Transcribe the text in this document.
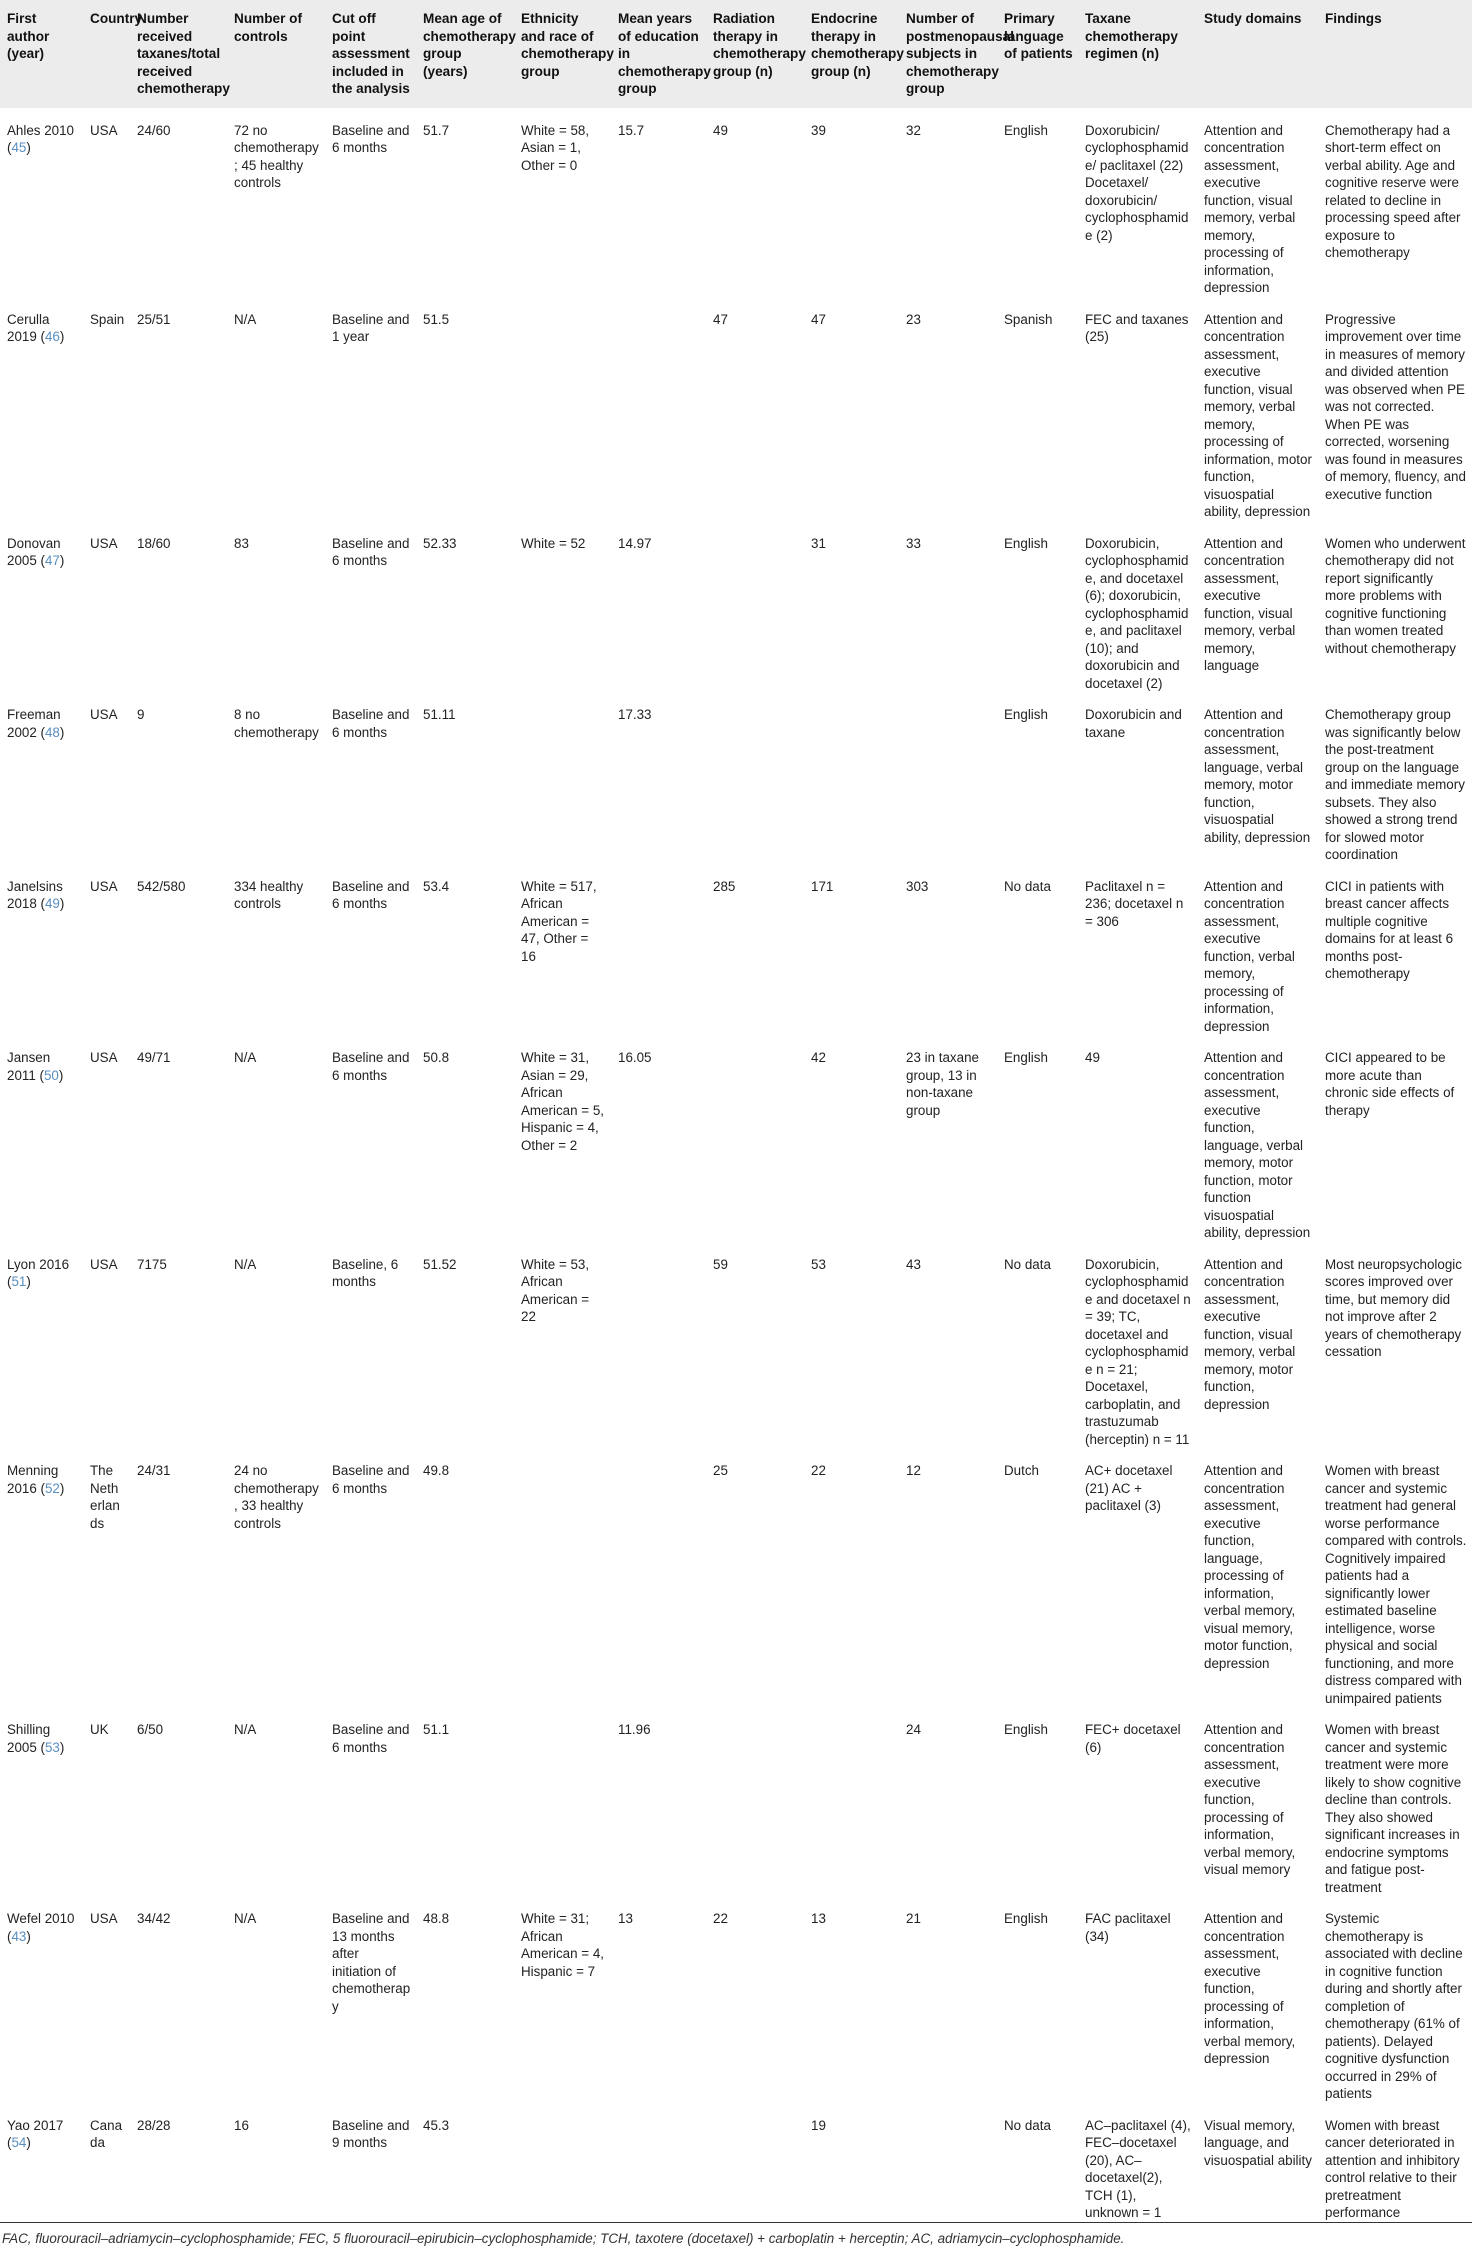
First author (year)	Country	Number received taxanes/total received chemotherapy	Number of controls	Cut off point assessment included in the analysis	Mean age of chemotherapy group (years)	Ethnicity and race of chemotherapy group	Mean years of education in chemotherapy group	Radiation therapy in chemotherapy group (n)	Endocrine therapy in chemotherapy group (n)	Number of postmenopausal subjects in chemotherapy group	Primary language of patients	Taxane chemotherapy regimen (n)	Study domains	Findings
Ahles 2010 (45)	USA	24/60	72 no chemotherapy; 45 healthy controls	Baseline and 6 months	51.7	White = 58, Asian = 1, Other = 0	15.7	49	39	32	English	Doxorubicin/ cyclophosphamide/ paclitaxel (22) Docetaxel/ doxorubicin/ cyclophosphamide (2)	Attention and concentration assessment, executive function, visual memory, verbal memory, processing of information, depression	Chemotherapy had a short-term effect on verbal ability. Age and cognitive reserve were related to decline in processing speed after exposure to chemotherapy
Cerulla 2019 (46)	Spain	25/51	N/A	Baseline and 1 year	51.5			47	47	23	Spanish	FEC and taxanes (25)	Attention and concentration assessment, executive function, visual memory, verbal memory, processing of information, motor function, visuospatial ability, depression	Progressive improvement over time in measures of memory and divided attention was observed when PE was not corrected. When PE was corrected, worsening was found in measures of memory, fluency, and executive function
Donovan 2005 (47)	USA	18/60	83	Baseline and 6 months	52.33	White = 52	14.97		31	33	English	Doxorubicin, cyclophosphamide, and docetaxel (6); doxorubicin, cyclophosphamide, and paclitaxel (10); and doxorubicin and docetaxel (2)	Attention and concentration assessment, executive function, visual memory, verbal memory, language	Women who underwent chemotherapy did not report significantly more problems with cognitive functioning than women treated without chemotherapy
Freeman 2002 (48)	USA	9	8 no chemotherapy	Baseline and 6 months	51.11		17.33				English	Doxorubicin and taxane	Attention and concentration assessment, language, verbal memory, motor function, visuospatial ability, depression	Chemotherapy group was significantly below the post-treatment group on the language and immediate memory subsets. They also showed a strong trend for slowed motor coordination
Janelsins 2018 (49)	USA	542/580	334 healthy controls	Baseline and 6 months	53.4	White = 517, African American = 47, Other = 16		285	171	303	No data	Paclitaxel n = 236; docetaxel n = 306	Attention and concentration assessment, executive function, verbal memory, processing of information, depression	CICI in patients with breast cancer affects multiple cognitive domains for at least 6 months post-chemotherapy
Jansen 2011 (50)	USA	49/71	N/A	Baseline and 6 months	50.8	White = 31, Asian = 29, African American = 5, Hispanic = 4, Other = 2	16.05		42	23 in taxane group, 13 in non-taxane group	English	49	Attention and concentration assessment, executive function, language, verbal memory, motor function, motor function visuospatial ability, depression	CICI appeared to be more acute than chronic side effects of therapy
Lyon 2016 (51)	USA	7175	N/A	Baseline, 6 months	51.52	White = 53, African American = 22		59	53	43	No data	Doxorubicin, cyclophosphamide and docetaxel n = 39; TC, docetaxel and cyclophosphamide n = 21; Docetaxel, carboplatin, and trastuzumab (herceptin) n = 11	Attention and concentration assessment, executive function, visual memory, verbal memory, motor function, depression	Most neuropsychologic scores improved over time, but memory did not improve after 2 years of chemotherapy cessation
Menning 2016 (52)	The Netherlands	24/31	24 no chemotherapy, 33 healthy controls	Baseline and 6 months	49.8			25	22	12	Dutch	AC+ docetaxel (21) AC + paclitaxel (3)	Attention and concentration assessment, executive function, language, processing of information, verbal memory, visual memory, motor function, depression	Women with breast cancer and systemic treatment had general worse performance compared with controls. Cognitively impaired patients had a significantly lower estimated baseline intelligence, worse physical and social functioning, and more distress compared with unimpaired patients
Shilling 2005 (53)	UK	6/50	N/A	Baseline and 6 months	51.1		11.96			24	English	FEC+ docetaxel (6)	Attention and concentration assessment, executive function, processing of information, verbal memory, visual memory	Women with breast cancer and systemic treatment were more likely to show cognitive decline than controls. They also showed significant increases in endocrine symptoms and fatigue post-treatment
Wefel 2010 (43)	USA	34/42	N/A	Baseline and 13 months after initiation of chemotherapy	48.8	White = 31; African American = 4, Hispanic = 7	13	22	13	21	English	FAC paclitaxel (34)	Attention and concentration assessment, executive function, processing of information, verbal memory, depression	Systemic chemotherapy is associated with decline in cognitive function during and shortly after completion of chemotherapy (61% of patients). Delayed cognitive dysfunction occurred in 29% of patients
Yao 2017 (54)	Canada	28/28	16	Baseline and 9 months	45.3				19		No data	AC–paclitaxel (4), FEC–docetaxel (20), AC–docetaxel(2), TCH (1), unknown = 1	Visual memory, language, and visuospatial ability	Women with breast cancer deteriorated in attention and inhibitory control relative to their pretreatment performance
FAC, fluorouracil–adriamycin–cyclophosphamide; FEC, 5 fluorouracil–epirubicin–cyclophosphamide; TCH, taxotere (docetaxel) + carboplatin + herceptin; AC, adriamycin–cyclophosphamide.
